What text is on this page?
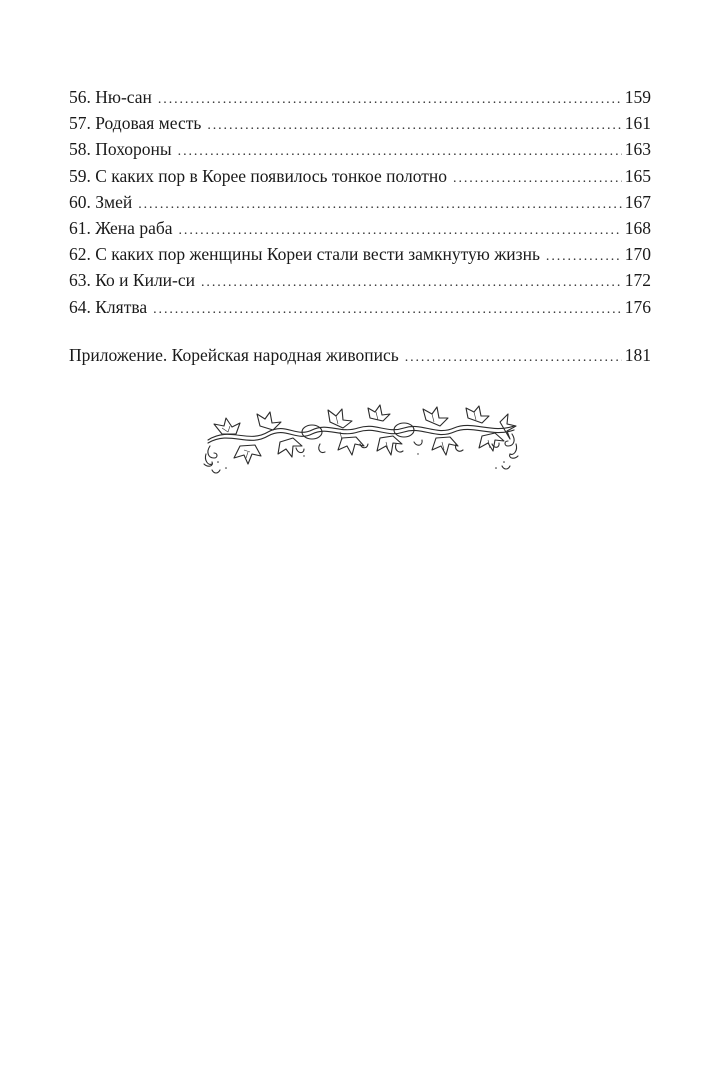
56. Ню-сан . . .	159
57. Родовая месть . . .	161
58. Похороны . . .	163
59. С каких пор в Корее появилось тонкое полотно . . .	165
60. Змей . . .	167
61. Жена раба . . .	168
62. С каких пор женщины Кореи стали вести замкнутую жизнь . . .	170
63. Ко и Кили-си . . .	172
64. Клятва . . .	176
Приложение. Корейская народная живопись . . .	181
